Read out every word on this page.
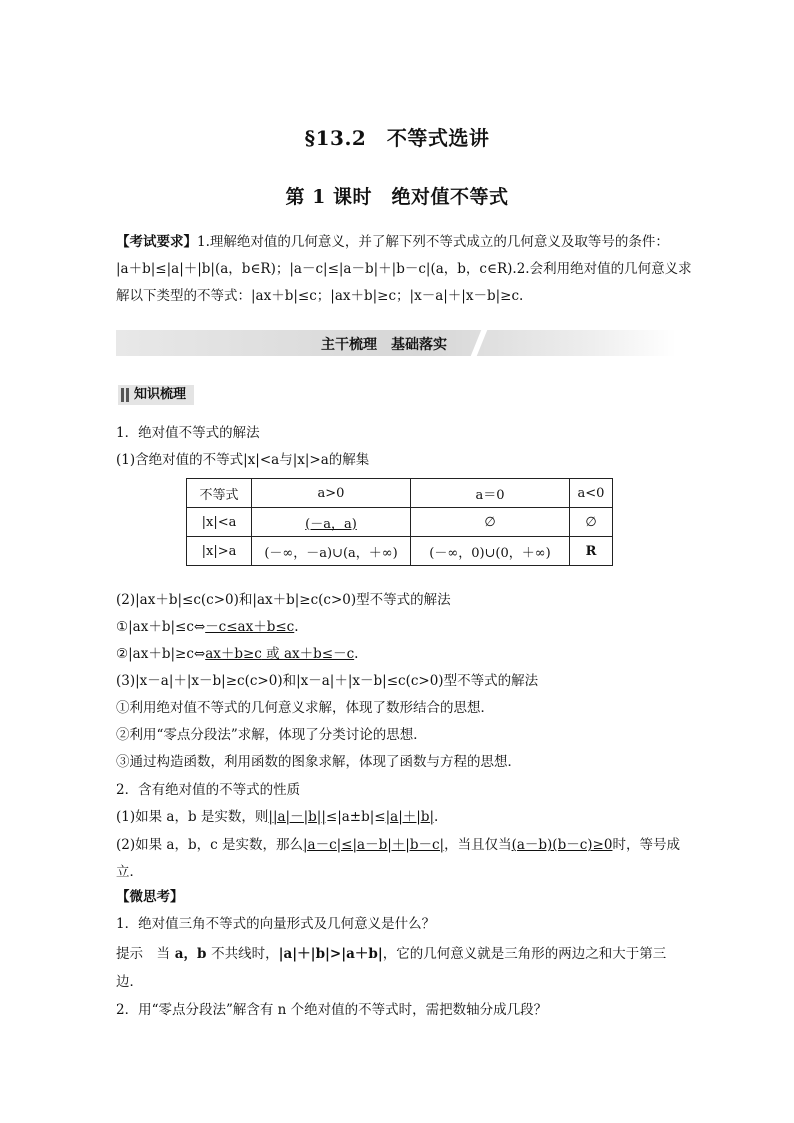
§13.2　不等式选讲
第 1 课时　绝对值不等式
【考试要求】1.理解绝对值的几何意义，并了解下列不等式成立的几何意义及取等号的条件：
|a＋b|≤|a|＋|b|(a，b∈R)；|a－c|≤|a－b|＋|b－c|(a，b，c∈R).2.会利用绝对值的几何意义求
解以下类型的不等式：|ax＋b|≤c；|ax＋b|≥c；|x－a|＋|x－b|≥c.
主干梳理　基础落实
知识梳理
1．绝对值不等式的解法
(1)含绝对值的不等式|x|<a与|x|>a的解集
不等式	a>0	a＝0	a<0
|x|<a	(－a，a)	∅	∅
|x|>a	(－∞，－a)∪(a，＋∞)	(－∞，0)∪(0，＋∞)	R
(2)|ax＋b|≤c(c>0)和|ax＋b|≥c(c>0)型不等式的解法
①|ax＋b|≤c⇔－c≤ax＋b≤c.
②|ax＋b|≥c⇔ax＋b≥c 或 ax＋b≤－c.
(3)|x－a|＋|x－b|≥c(c>0)和|x－a|＋|x－b|≤c(c>0)型不等式的解法
①利用绝对值不等式的几何意义求解，体现了数形结合的思想．
②利用“零点分段法”求解，体现了分类讨论的思想．
③通过构造函数，利用函数的图象求解，体现了函数与方程的思想．
2．含有绝对值的不等式的性质
(1)如果 a，b 是实数，则||a|－|b||≤|a±b|≤|a|＋|b|.
(2)如果 a，b，c 是实数，那么|a－c|≤|a－b|＋|b－c|，当且仅当(a－b)(b－c)≥0时，等号成
立．
【微思考】
1．绝对值三角不等式的向量形式及几何意义是什么？
提示　当 a，b 不共线时，|a|＋|b|>|a＋b|，它的几何意义就是三角形的两边之和大于第三
边．
2．用“零点分段法”解含有 n 个绝对值的不等式时，需把数轴分成几段？
